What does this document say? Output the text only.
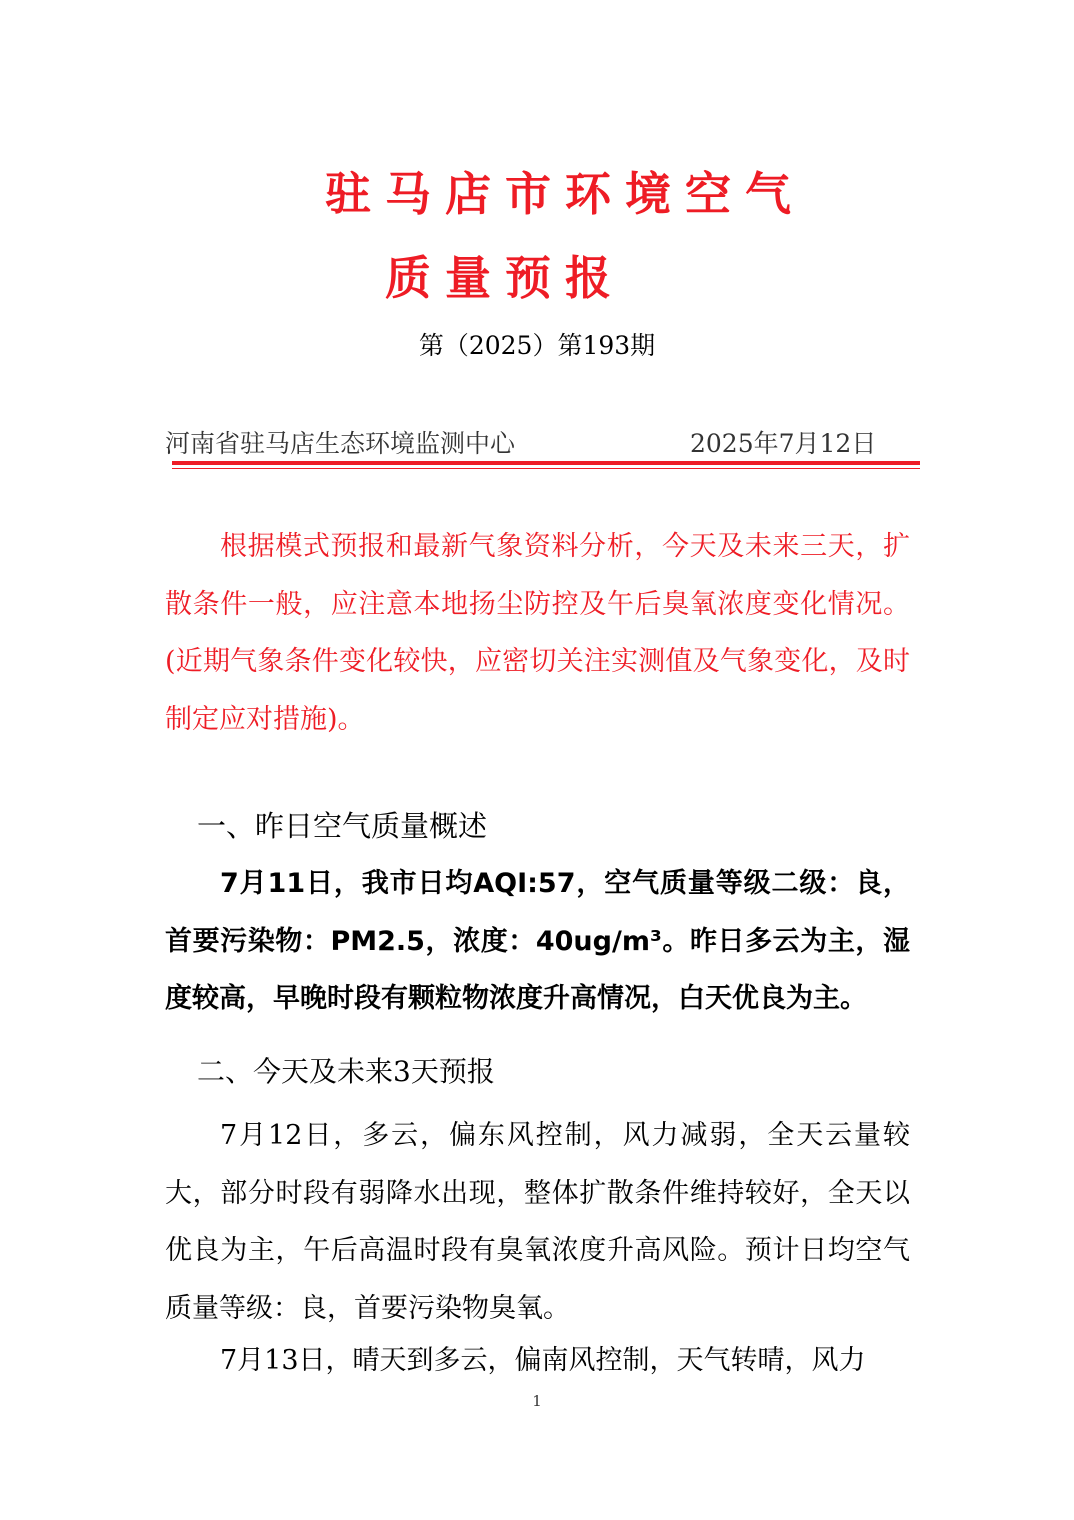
驻马店市环境空气
质量预报
第（2025）第193期
河南省驻马店生态环境监测中心	2025年7月12日

根据模式预报和最新气象资料分析，今天及未来三天，扩散条件一般，应注意本地扬尘防控及午后臭氧浓度变化情况。(近期气象条件变化较快，应密切关注实测值及气象变化，及时制定应对措施)。

一、昨日空气质量概述

7月11日，我市日均AQI:57，空气质量等级二级：良，首要污染物：PM2.5，浓度：40ug/m³。昨日多云为主，湿度较高，早晚时段有颗粒物浓度升高情况，白天优良为主。

二、今天及未来3天预报

7月12日，多云，偏东风控制，风力减弱，全天云量较大，部分时段有弱降水出现，整体扩散条件维持较好，全天以优良为主，午后高温时段有臭氧浓度升高风险。预计日均空气质量等级：良，首要污染物臭氧。

7月13日，晴天到多云，偏南风控制，天气转晴，风力

1
